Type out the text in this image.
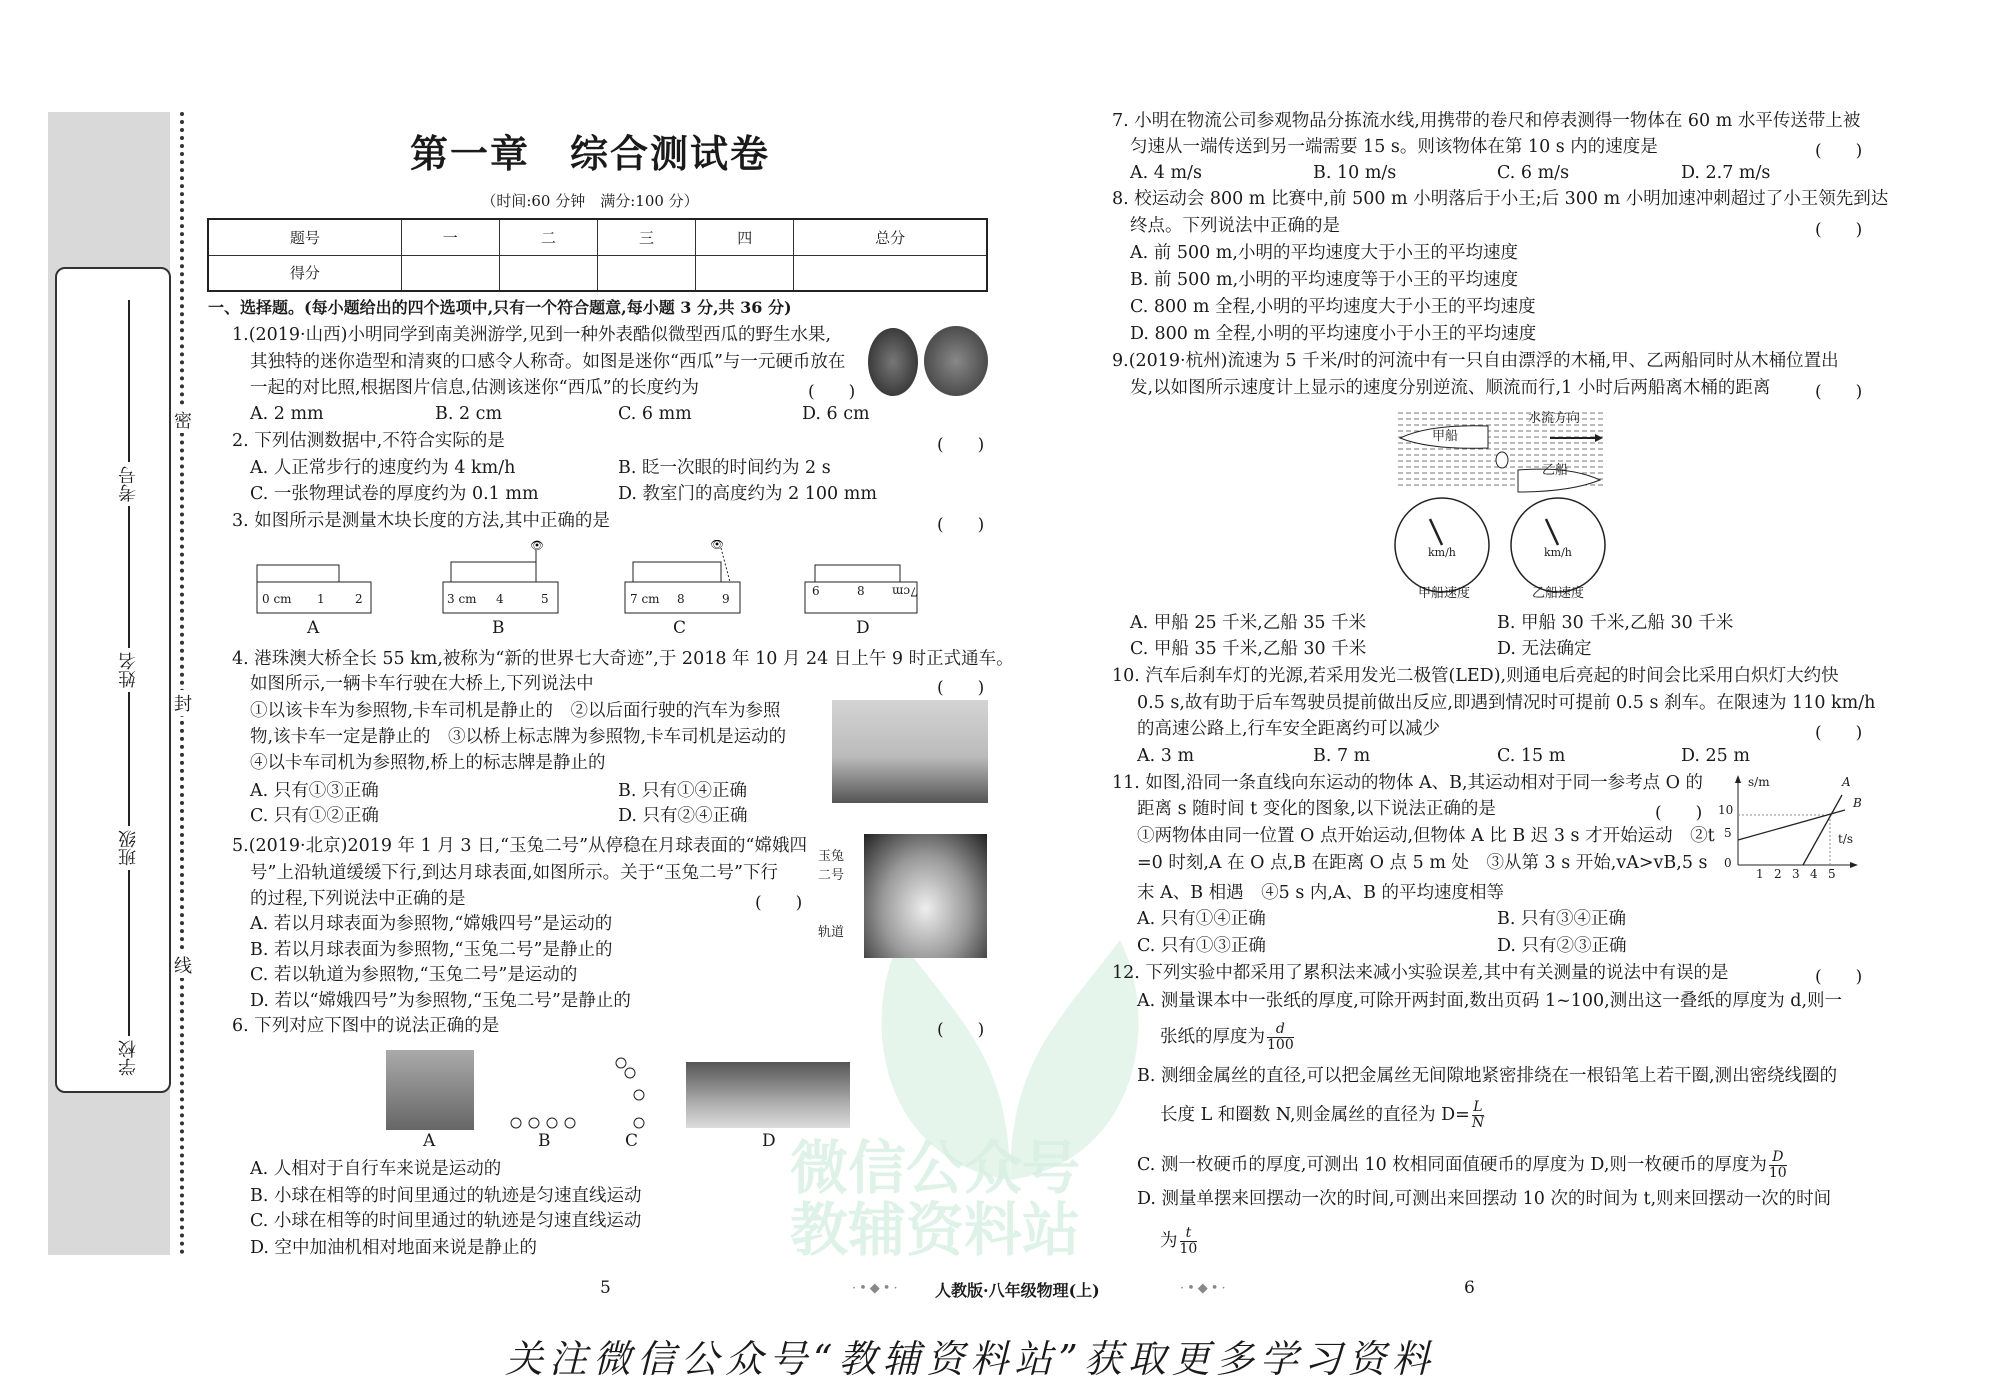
考号
姓名
班级
学校
密
封
线
微信公众号
教辅资料站
第一章　综合测试卷
（时间:60 分钟　满分:100 分）
题号	一	二	三	四	总分
得分					
一、选择题。(每小题给出的四个选项中,只有一个符合题意,每小题 3 分,共 36 分)
1.(2019·山西)小明同学到南美洲游学,见到一种外表酷似微型西瓜的野生水果,
其独特的迷你造型和清爽的口感令人称奇。如图是迷你“西瓜”与一元硬币放在
一起的对比照,根据图片信息,估测该迷你“西瓜”的长度约为	(　　)
A. 2 mm	B. 2 cm	C. 6 mm	D. 6 cm
2. 下列估测数据中,不符合实际的是	(　　)
A. 人正常步行的速度约为 4 km/h	B. 眨一次眼的时间约为 2 s
C. 一张物理试卷的厚度约为 0.1 mm	D. 教室门的高度约为 2 100 mm
3. 如图所示是测量木块长度的方法,其中正确的是	(　　)
👁	👁
0 cm 1	2	3 cm 4	5	7 cm 8	9
6	8 7cm
A	B	C	D
4. 港珠澳大桥全长 55 km,被称为“新的世界七大奇迹”,于 2018 年 10 月 24 日上午 9 时正式通车。
如图所示,一辆卡车行驶在大桥上,下列说法中	(　　)
①以该卡车为参照物,卡车司机是静止的　②以后面行驶的汽车为参照
物,该卡车一定是静止的　③以桥上标志牌为参照物,卡车司机是运动的
④以卡车司机为参照物,桥上的标志牌是静止的
A. 只有①③正确	B. 只有①④正确
C. 只有①②正确	D. 只有②④正确
5.(2019·北京)2019 年 1 月 3 日,“玉兔二号”从停稳在月球表面的“嫦娥四
号”上沿轨道缓缓下行,到达月球表面,如图所示。关于“玉兔二号”下行
的过程,下列说法中正确的是	(　　)
玉兔
二号
轨道
A. 若以月球表面为参照物,“嫦娥四号”是运动的
B. 若以月球表面为参照物,“玉兔二号”是静止的
C. 若以轨道为参照物,“玉兔二号”是运动的
D. 若以“嫦娥四号”为参照物,“玉兔二号”是静止的
6. 下列对应下图中的说法正确的是	(　　)
A	B	C	D
A. 人相对于自行车来说是运动的
B. 小球在相等的时间里通过的轨迹是匀速直线运动
C. 小球在相等的时间里通过的轨迹是匀速直线运动
D. 空中加油机相对地面来说是静止的
7. 小明在物流公司参观物品分拣流水线,用携带的卷尺和停表测得一物体在 60 m 水平传送带上被
匀速从一端传送到另一端需要 15 s。则该物体在第 10 s 内的速度是	(　　)
A. 4 m/s	B. 10 m/s	C. 6 m/s	D. 2.7 m/s
8. 校运动会 800 m 比赛中,前 500 m 小明落后于小王;后 300 m 小明加速冲刺超过了小王领先到达
终点。下列说法中正确的是	(　　)
A. 前 500 m,小明的平均速度大于小王的平均速度
B. 前 500 m,小明的平均速度等于小王的平均速度
C. 800 m 全程,小明的平均速度大于小王的平均速度
D. 800 m 全程,小明的平均速度小于小王的平均速度
9.(2019·杭州)流速为 5 千米/时的河流中有一只自由漂浮的木桶,甲、乙两船同时从木桶位置出
发,以如图所示速度计上显示的速度分别逆流、顺流而行,1 小时后两船离木桶的距离	(　　)
水流方向
甲船
乙船
km/h	km/h
甲船速度	乙船速度
A. 甲船 25 千米,乙船 35 千米	B. 甲船 30 千米,乙船 30 千米
C. 甲船 35 千米,乙船 30 千米	D. 无法确定
10. 汽车后刹车灯的光源,若采用发光二极管(LED),则通电后亮起的时间会比采用白炽灯大约快
0.5 s,故有助于后车驾驶员提前做出反应,即遇到情况时可提前 0.5 s 刹车。在限速为 110 km/h
的高速公路上,行车安全距离约可以减少	(　　)
A. 3 m	B. 7 m	C. 15 m	D. 25 m
11. 如图,沿同一条直线向东运动的物体 A、B,其运动相对于同一参考点 O 的
距离 s 随时间 t 变化的图象,以下说法正确的是	(　　)
①两物体由同一位置 O 点开始运动,但物体 A 比 B 迟 3 s 才开始运动　②t
=0 时刻,A 在 O 点,B 在距离 O 点 5 m 处　③从第 3 s 开始,vA>vB,5 s
末 A、B 相遇　④5 s 内,A、B 的平均速度相等
s/m
t/s
A
B
0
5
10
1 2 3 4 5
A. 只有①④正确	B. 只有③④正确
C. 只有①③正确	D. 只有②③正确
12. 下列实验中都采用了累积法来减小实验误差,其中有关测量的说法中有误的是	(　　)
A. 测量课本中一张纸的厚度,可除开两封面,数出页码 1~100,测出这一叠纸的厚度为 d,则一
张纸的厚度为 $\frac{d}{100}$
B. 测细金属丝的直径,可以把金属丝无间隙地紧密排绕在一根铅笔上若干圈,测出密绕线圈的
长度 L 和圈数 N,则金属丝的直径为 $D= \frac{L}{N}$
C. 测一枚硬币的厚度,可测出 10 枚相同面值硬币的厚度为 D,则一枚硬币的厚度为 $\frac{D}{10}$
D. 测量单摆来回摆动一次的时间,可测出来回摆动 10 次的时间为 t,则来回摆动一次的时间
为 $\frac{t}{10}$
5	·•◆•· 人教版·八年级物理(上)	·•◆•·	6
关注微信公众号“教辅资料站”获取更多学习资料
